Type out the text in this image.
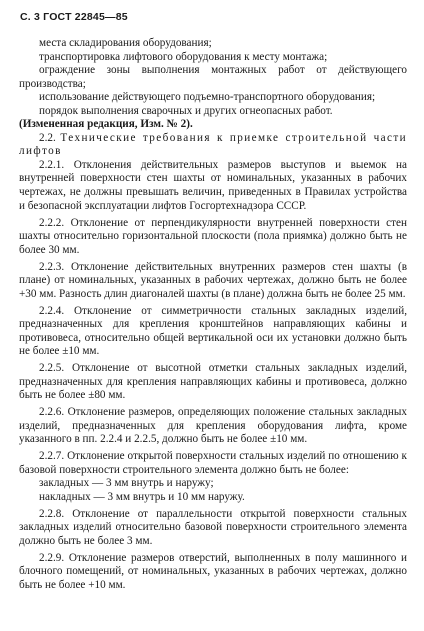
С. 3 ГОСТ 22845—85

места складирования оборудования;

транспортировка лифтового оборудования к месту монтажа;

ограждение зоны выполнения монтажных работ от действующего производства;

использование действующего подъемно-транспортного оборудования;

порядок выполнения сварочных и других огнеопасных работ.

(Измененная редакция, Изм. № 2).

2.2. Технические требования к приемке строительной части лифтов

2.2.1. Отклонения действительных размеров выступов и выемок на внутренней поверхности стен шахты от номинальных, указанных в рабочих чертежах, не должны превышать величин, приведенных в Правилах устройства и безопасной эксплуатации лифтов Госгортехнадзора СССР.

2.2.2. Отклонение от перпендикулярности внутренней поверхности стен шахты относительно горизонтальной плоскости (пола приямка) должно быть не более 30 мм.

2.2.3. Отклонение действительных внутренних размеров стен шахты (в плане) от номинальных, указанных в рабочих чертежах, должно быть не более +30 мм. Разность длин диагоналей шахты (в плане) должна быть не более 25 мм.

2.2.4. Отклонение от симметричности стальных закладных изделий, предназначенных для крепления кронштейнов направляющих кабины и противовеса, относительно общей вертикальной оси их установки должно быть не более ±10 мм.

2.2.5. Отклонение от высотной отметки стальных закладных изделий, предназначенных для крепления направляющих кабины и противовеса, должно быть не более ±80 мм.

2.2.6. Отклонение размеров, определяющих положение стальных закладных изделий, предназначенных для крепления оборудования лифта, кроме указанного в пп. 2.2.4 и 2.2.5, должно быть не более ±10 мм.

2.2.7. Отклонение открытой поверхности стальных изделий по отношению к базовой поверхности строительного элемента должно быть не более:

закладных — 3 мм внутрь и наружу;

накладных — 3 мм внутрь и 10 мм наружу.

2.2.8. Отклонение от параллельности открытой поверхности стальных закладных изделий относительно базовой поверхности строительного элемента должно быть не более 3 мм.

2.2.9. Отклонение размеров отверстий, выполненных в полу машинного и блочного помещений, от номинальных, указанных в рабочих чертежах, должно быть не более +10 мм.
